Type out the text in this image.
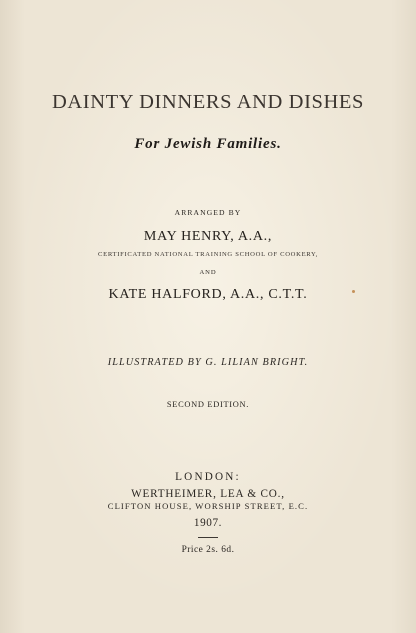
DAINTY DINNERS AND DISHES
For Jewish Families.
ARRANGED BY
MAY HENRY, A.A.,
CERTIFICATED NATIONAL TRAINING SCHOOL OF COOKERY,
AND
KATE HALFORD, A.A., C.T.T.
ILLUSTRATED BY G. LILIAN BRIGHT.
SECOND EDITION.
LONDON:
WERTHEIMER, LEA & CO.,
CLIFTON HOUSE, WORSHIP STREET, E.C.
1907.
Price 2s. 6d.
